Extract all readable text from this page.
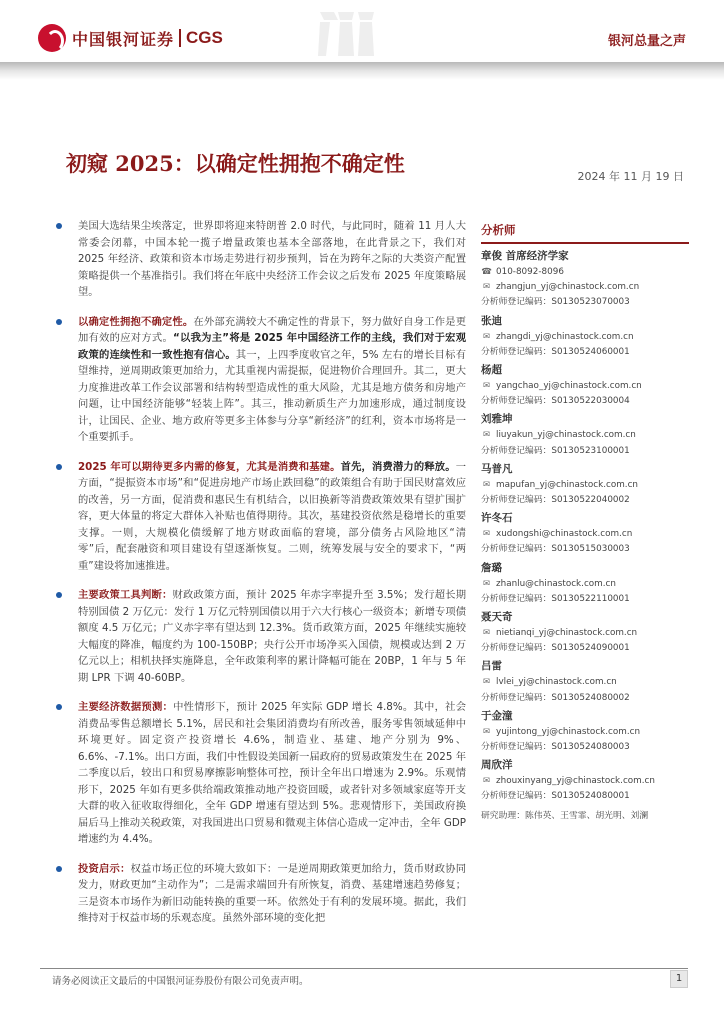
中国银河证券 CGS	银河总量之声
初窥 2025：以确定性拥抱不确定性
2024 年 11 月 19 日
美国大选结果尘埃落定，世界即将迎来特朗普 2.0 时代，与此同时，随着 11 月人大常委会闭幕，中国本轮一揽子增量政策也基本全部落地，在此背景之下，我们对 2025 年经济、政策和资本市场走势进行初步预判，旨在为跨年之际的大类资产配置策略提供一个基准指引。我们将在年底中央经济工作会议之后发布 2025 年度策略展望。
以确定性拥抱不确定性。在外部充满较大不确定性的背景下，努力做好自身工作是更加有效的应对方式。“以我为主”将是 2025 年中国经济工作的主线，我们对于宏观政策的连续性和一致性抱有信心。其一，上四季度收官之年，5% 左右的增长目标有望维持，逆周期政策更加给力，尤其重视内需提振，促进物价合理回升。其二，更大力度推进改革工作会议部署和结构转型造成性的重大风险，尤其是地方债务和房地产问题，让中国经济能够“轻装上阵”。其三，推动新质生产力加速形成，通过制度设计，让国民、企业、地方政府等更多主体参与分享“新经济”的红利，资本市场将是一个重要抓手。
2025 年可以期待更多内需的修复，尤其是消费和基建。首先，消费潜力的释放。一方面，“提振资本市场”和“促进房地产市场止跌回稳”的政策组合有助于国民财富效应的改善，另一方面，促消费和惠民生有机结合，以旧换新等消费政策效果有望扩围扩容，更大体量的将定大群体入补贴也值得期待。其次，基建投资依然是稳增长的重要支撑。一则，大规模化债缓解了地方财政面临的窘境，部分债务占风险地区“清零”后，配套融资和项目建设有望逐渐恢复。二则，统筹发展与安全的要求下，“两重”建设将加速推进。
主要政策工具判断：财政政策方面，预计 2025 年赤字率提升至 3.5%；发行超长期特别国债 2 万亿元：发行 1 万亿元特别国债以用于六大行核心一级资本；新增专项债额度 4.5 万亿元；广义赤字率有望达到 12.3%。货币政策方面，2025 年继续实施较大幅度的降准，幅度约为 100-150BP；央行公开市场净买入国债，规模或达到 2 万亿元以上；相机抉择实施降息，全年政策利率的累计降幅可能在 20BP，1 年与 5 年期 LPR 下调 40-60BP。
主要经济数据预测：中性情形下，预计 2025 年实际 GDP 增长 4.8%。其中，社会消费品零售总额增长 5.1%，居民和社会集团消费均有所改善，服务零售领域延伸中环境更好。固定资产投资增长 4.6%，制造业、基建、地产分别为 9%、6.6%、-7.1%。出口方面，我们中性假设美国新一届政府的贸易政策发生在 2025 年二季度以后，较出口和贸易摩擦影响整体可控，预计全年出口增速为 2.9%。乐观情形下，2025 年如有更多供给端政策推动地产投资回暖，或者针对多领域家庭等开支大群的收入征收取得细化，全年 GDP 增速有望达到 5%。悲观情形下，美国政府换届后马上推动关税政策，对我国进出口贸易和微观主体信心造成一定冲击，全年 GDP 增速约为 4.4%。
投资启示：权益市场正位的环境大致如下：一是逆周期政策更加给力，货币财政协同发力，财政更加“主动作为”；二是需求端回升有所恢复，消费、基建增速趋势修复；三是资本市场作为新旧动能转换的重要一环。依然处于有利的发展环境。据此，我们维持对于权益市场的乐观态度。虽然外部环境的变化把
分析师
章俊 首席经济学家
☎ 010-8092-8096
✉ zhangjun_yj@chinastock.com.cn
分析师登记编码：S0130523070003
张迪
✉ zhangdi_yj@chinastock.com.cn
分析师登记编码：S0130524060001
杨超
✉ yangchao_yj@chinastock.com.cn
分析师登记编码：S0130522030004
刘雅坤
✉ liuyakun_yj@chinastock.com.cn
分析师登记编码：S0130523100001
马普凡
✉ mapufan_yj@chinastock.com.cn
分析师登记编码：S0130522040002
许冬石
✉ xudongshi@chinastock.com.cn
分析师登记编码：S0130515030003
詹璐
✉ zhanlu@chinastock.com.cn
分析师登记编码：S0130522110001
聂天奇
✉ nietianqi_yj@chinastock.com.cn
分析师登记编码：S0130524090001
吕雷
✉ lvlei_yj@chinastock.com.cn
分析师登记编码：S0130524080002
于金潼
✉ yujintong_yj@chinastock.com.cn
分析师登记编码：S0130524080003
周欣洋
✉ zhouxinyang_yj@chinastock.com.cn
分析师登记编码：S0130524080001
研究助理：陈伟英、王雪霏、胡光明、刘澜
请务必阅读正文最后的中国银河证券股份有限公司免责声明。	1
